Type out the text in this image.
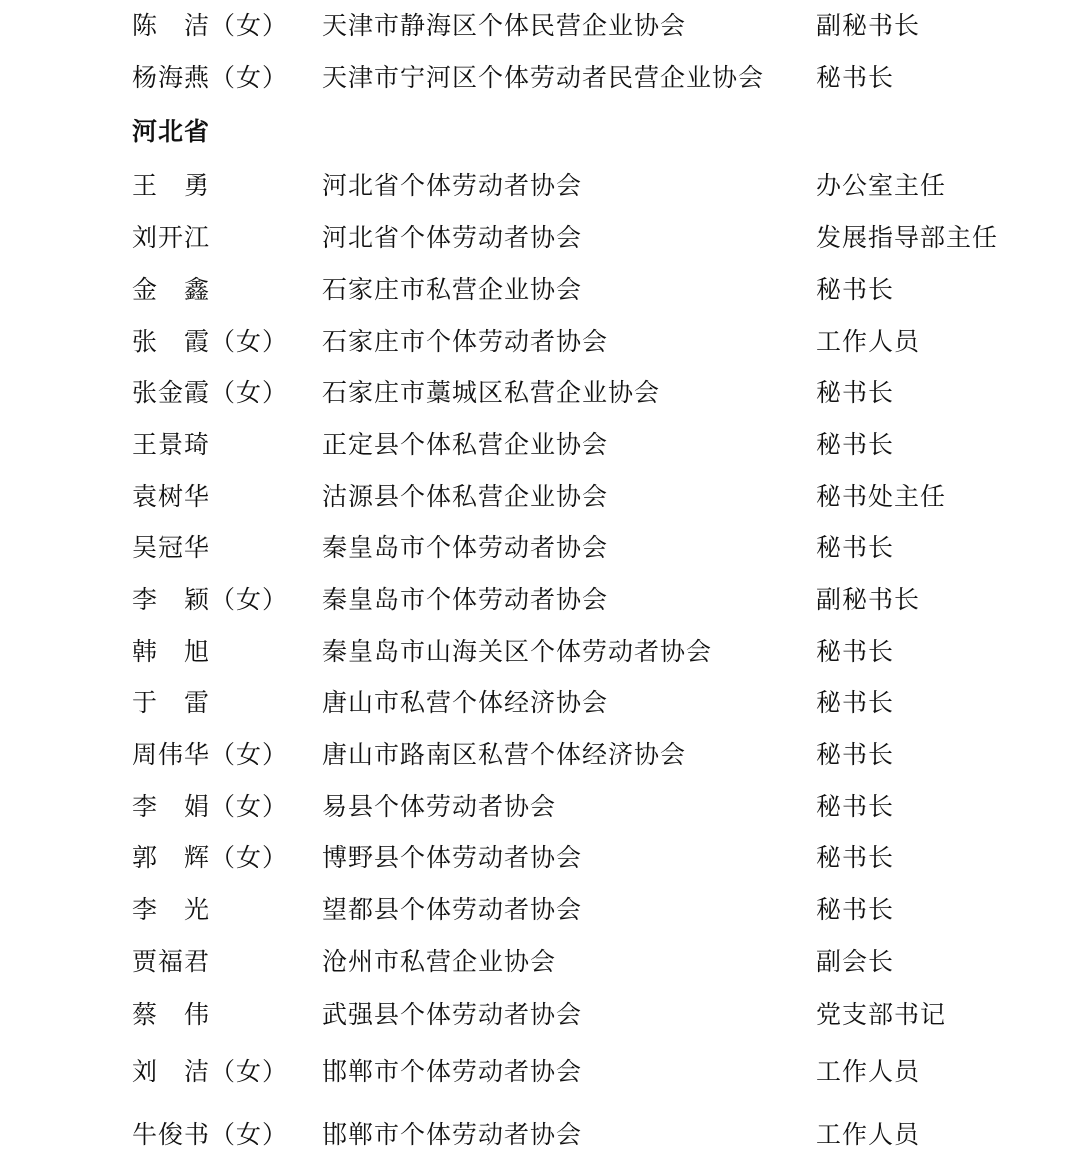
陈　洁（女） 天津市静海区个体民营企业协会	副秘书长
杨海燕（女） 天津市宁河区个体劳动者民营企业协会 秘书长
河北省
王　勇	河北省个体劳动者协会	办公室主任
刘开江	河北省个体劳动者协会	发展指导部主任
金　鑫	石家庄市私营企业协会	秘书长
张　霞（女） 石家庄市个体劳动者协会	工作人员
张金霞（女） 石家庄市藁城区私营企业协会	秘书长
王景琦	正定县个体私营企业协会	秘书长
袁树华	沽源县个体私营企业协会	秘书处主任
吴冠华	秦皇岛市个体劳动者协会	秘书长
李　颖（女） 秦皇岛市个体劳动者协会	副秘书长
韩　旭	秦皇岛市山海关区个体劳动者协会	秘书长
于　雷	唐山市私营个体经济协会	秘书长
周伟华（女） 唐山市路南区私营个体经济协会	秘书长
李　娟（女） 易县个体劳动者协会	秘书长
郭　辉（女） 博野县个体劳动者协会	秘书长
李　光	望都县个体劳动者协会	秘书长
贾福君	沧州市私营企业协会	副会长
蔡　伟	武强县个体劳动者协会	党支部书记
刘　洁（女） 邯郸市个体劳动者协会	工作人员
牛俊书（女） 邯郸市个体劳动者协会	工作人员
